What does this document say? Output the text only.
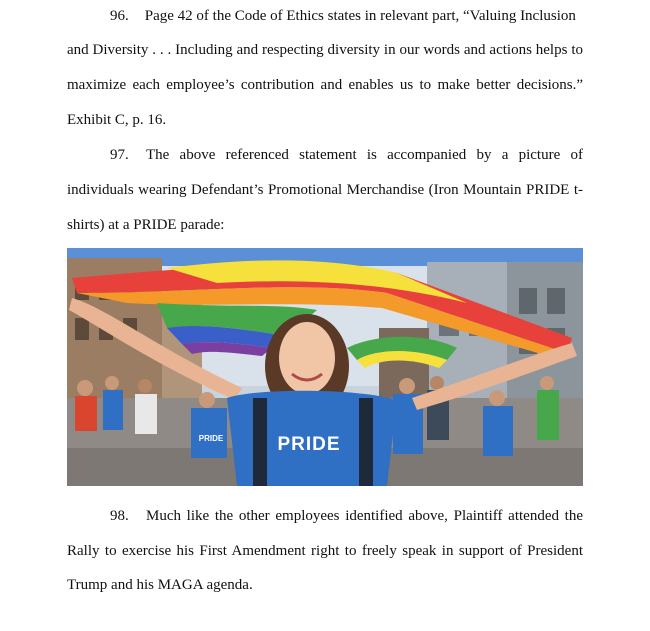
96. Page 42 of the Code of Ethics states in relevant part, “Valuing Inclusion
and Diversity . . . Including and respecting diversity in our words and actions helps to
maximize each employee’s contribution and enables us to make better decisions.”
Exhibit C, p. 16.
97.	The above referenced statement is accompanied by a picture of
individuals wearing Defendant’s Promotional Merchandise (Iron Mountain PRIDE t-
shirts) at a PRIDE parade:
PRIDE
PRIDE
98.	Much like the other employees identified above, Plaintiff attended the
Rally to exercise his First Amendment right to freely speak in support of President
Trump and his MAGA agenda.
